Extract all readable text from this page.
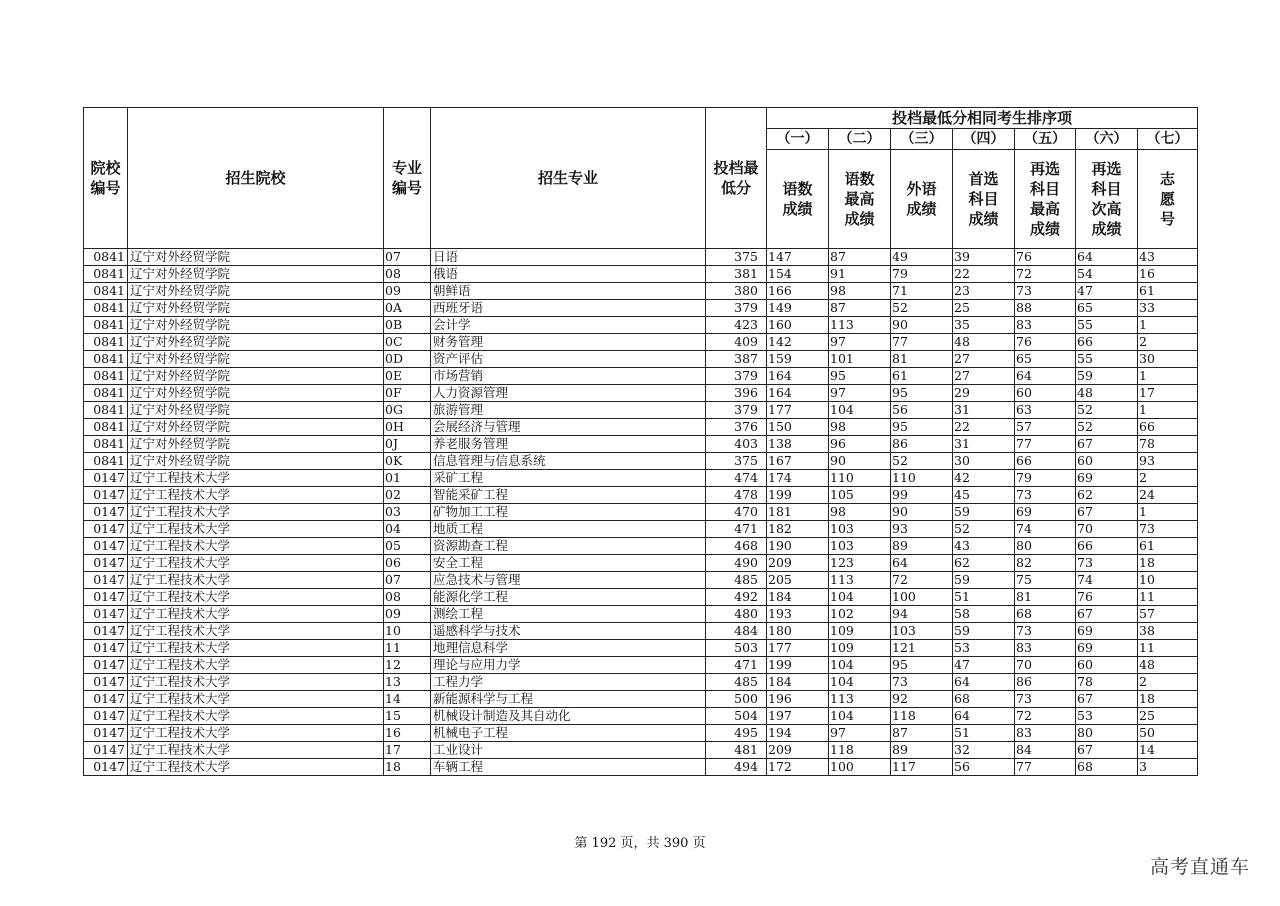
院校编号	招生院校	专业编号	招生专业	投档最低分	投档最低分相同考生排序项						
					（一）	（二）	（三）	（四）	（五）	（六）	（七）
					语数成绩	语数最高成绩	外语成绩	首选科目成绩	再选科目最高成绩	再选科目次高成绩	志愿号
0841	辽宁对外经贸学院	07	日语	375	147	87	49	39	76	64	43
0841	辽宁对外经贸学院	08	俄语	381	154	91	79	22	72	54	16
0841	辽宁对外经贸学院	09	朝鲜语	380	166	98	71	23	73	47	61
0841	辽宁对外经贸学院	0A	西班牙语	379	149	87	52	25	88	65	33
0841	辽宁对外经贸学院	0B	会计学	423	160	113	90	35	83	55	1
0841	辽宁对外经贸学院	0C	财务管理	409	142	97	77	48	76	66	2
0841	辽宁对外经贸学院	0D	资产评估	387	159	101	81	27	65	55	30
0841	辽宁对外经贸学院	0E	市场营销	379	164	95	61	27	64	59	1
0841	辽宁对外经贸学院	0F	人力资源管理	396	164	97	95	29	60	48	17
0841	辽宁对外经贸学院	0G	旅游管理	379	177	104	56	31	63	52	1
0841	辽宁对外经贸学院	0H	会展经济与管理	376	150	98	95	22	57	52	66
0841	辽宁对外经贸学院	0J	养老服务管理	403	138	96	86	31	77	67	78
0841	辽宁对外经贸学院	0K	信息管理与信息系统	375	167	90	52	30	66	60	93
0147	辽宁工程技术大学	01	采矿工程	474	174	110	110	42	79	69	2
0147	辽宁工程技术大学	02	智能采矿工程	478	199	105	99	45	73	62	24
0147	辽宁工程技术大学	03	矿物加工工程	470	181	98	90	59	69	67	1
0147	辽宁工程技术大学	04	地质工程	471	182	103	93	52	74	70	73
0147	辽宁工程技术大学	05	资源勘查工程	468	190	103	89	43	80	66	61
0147	辽宁工程技术大学	06	安全工程	490	209	123	64	62	82	73	18
0147	辽宁工程技术大学	07	应急技术与管理	485	205	113	72	59	75	74	10
0147	辽宁工程技术大学	08	能源化学工程	492	184	104	100	51	81	76	11
0147	辽宁工程技术大学	09	测绘工程	480	193	102	94	58	68	67	57
0147	辽宁工程技术大学	10	遥感科学与技术	484	180	109	103	59	73	69	38
0147	辽宁工程技术大学	11	地理信息科学	503	177	109	121	53	83	69	11
0147	辽宁工程技术大学	12	理论与应用力学	471	199	104	95	47	70	60	48
0147	辽宁工程技术大学	13	工程力学	485	184	104	73	64	86	78	2
0147	辽宁工程技术大学	14	新能源科学与工程	500	196	113	92	68	73	67	18
0147	辽宁工程技术大学	15	机械设计制造及其自动化	504	197	104	118	64	72	53	25
0147	辽宁工程技术大学	16	机械电子工程	495	194	97	87	51	83	80	50
0147	辽宁工程技术大学	17	工业设计	481	209	118	89	32	84	67	14
0147	辽宁工程技术大学	18	车辆工程	494	172	100	117	56	77	68	3
第 192 页，共 390 页
高考直通车
